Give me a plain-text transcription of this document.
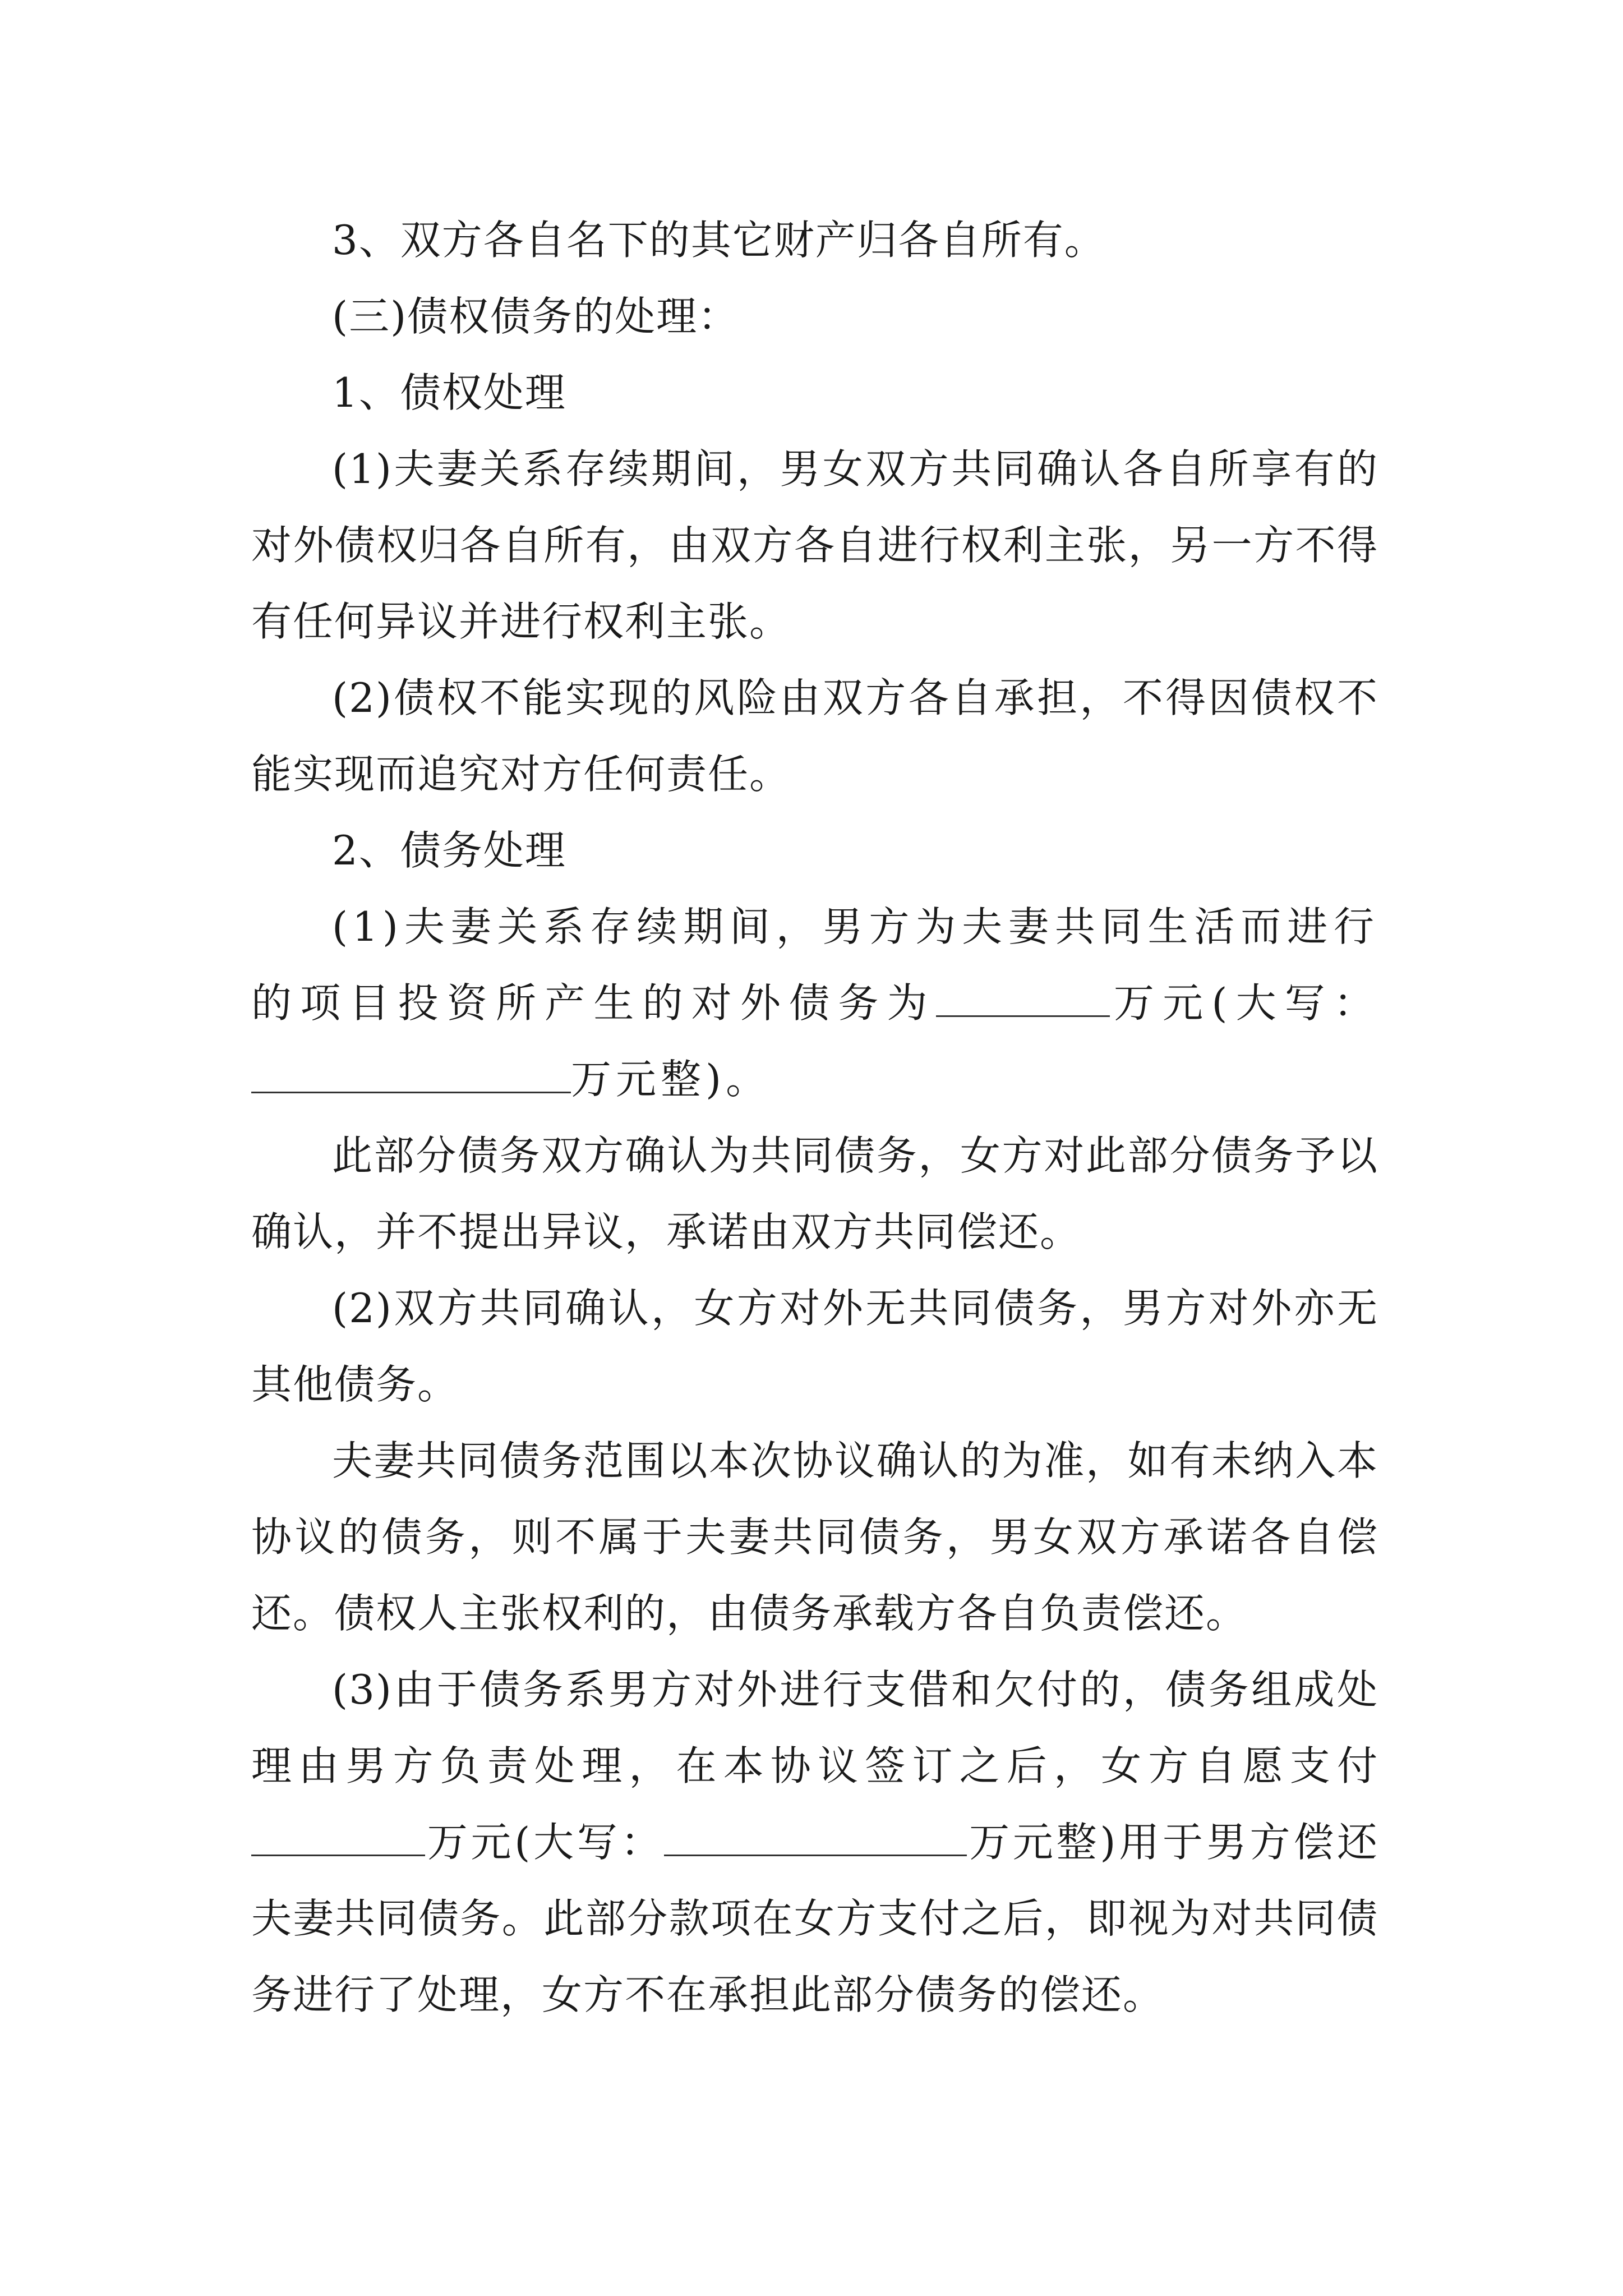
3、双方各自名下的其它财产归各自所有。

(三)债权债务的处理：

1、债权处理

(1)夫妻关系存续期间，男女双方共同确认各自所享有的对外债权归各自所有，由双方各自进行权利主张，另一方不得有任何异议并进行权利主张。

(2)债权不能实现的风险由双方各自承担，不得因债权不能实现而追究对方任何责任。

2、债务处理

(1)夫妻关系存续期间，男方为夫妻共同生活而进行的项目投资所产生的对外债务为	万元(大写：万元整)。

此部分债务双方确认为共同债务，女方对此部分债务予以确认，并不提出异议，承诺由双方共同偿还。

(2)双方共同确认，女方对外无共同债务，男方对外亦无其他债务。

夫妻共同债务范围以本次协议确认的为准，如有未纳入本协议的债务，则不属于夫妻共同债务，男女双方承诺各自偿还。债权人主张权利的，由债务承载方各自负责偿还。

(3)由于债务系男方对外进行支借和欠付的，债务组成处理由男方负责处理，在本协议签订之后，女方自愿支付万元(大写：	万元整)用于男方偿还夫妻共同债务。此部分款项在女方支付之后，即视为对共同债务进行了处理，女方不在承担此部分债务的偿还。
